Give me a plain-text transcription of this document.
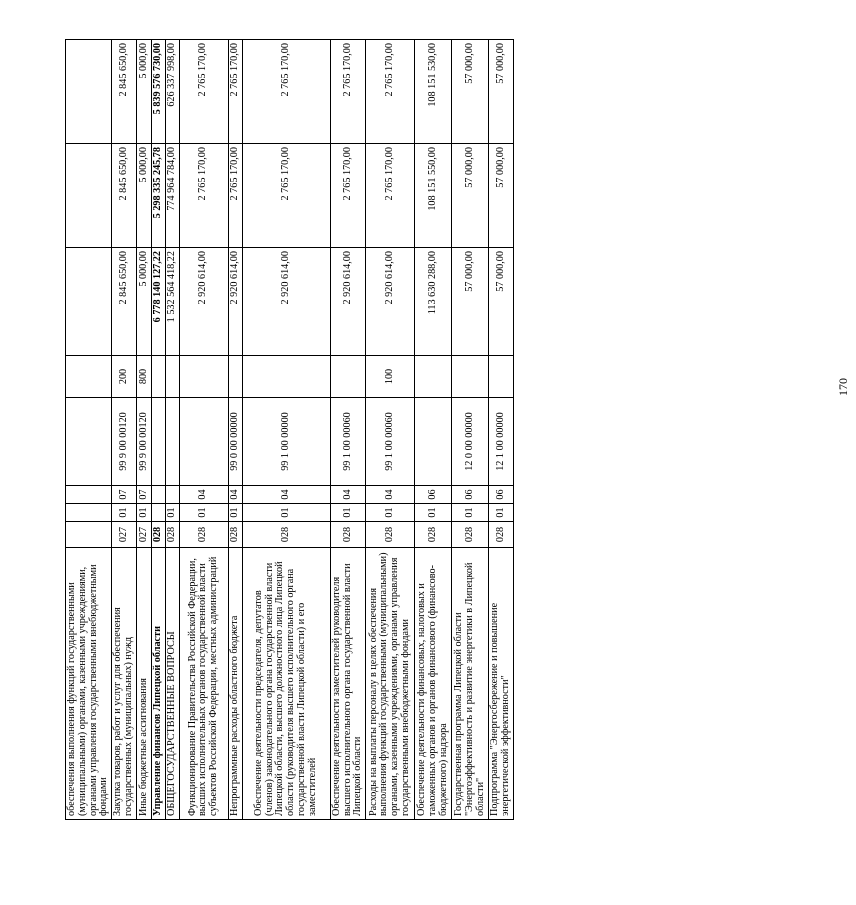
170
обеспечения выполнения функций государственными (муниципальными) органами, казенными учреждениями, органами управления государственными внебюджетными фондами								
Закупка товаров, работ и услуг для обеспечения государственных (муниципальных) нужд	027	01	07	99 9 00 00120	200	2 845 650,00	2 845 650,00	2 845 650,00
Иные бюджетные ассигнования	027	01	07	99 9 00 00120	800	5 000,00	5 000,00	5 000,00
Управление финансов Липецкой области	028					6 778 140 127,22	5 298 335 245,78	5 839 576 730,00
ОБЩЕГОСУДАРСТВЕННЫЕ ВОПРОСЫ	028	01				1 532 564 418,22	774 964 784,00	626 337 998,00
Функционирование Правительства Российской Федерации, высших исполнительных органов государственной власти субъектов Российской Федерации, местных администраций	028	01	04			2 920 614,00	2 765 170,00	2 765 170,00
Непрограммные расходы областного бюджета	028	01	04	99 0 00 00000		2 920 614,00	2 765 170,00	2 765 170,00
Обеспечение деятельности председателя, депутатов (членов) законодательного органа государственной власти Липецкой области, высшего должностного лица Липецкой области (руководителя высшего исполнительного органа государственной власти Липецкой области) и его заместителей	028	01	04	99 1 00 00000		2 920 614,00	2 765 170,00	2 765 170,00
Обеспечение деятельности заместителей руководителя высшего исполнительного органа государственной власти Липецкой области	028	01	04	99 1 00 00060		2 920 614,00	2 765 170,00	2 765 170,00
Расходы на выплаты персоналу в целях обеспечения выполнения функций государственными (муниципальными) органами, казенными учреждениями, органами управления государственными внебюджетными фондами	028	01	04	99 1 00 00060	100	2 920 614,00	2 765 170,00	2 765 170,00
Обеспечение деятельности финансовых, налоговых и таможенных органов и органов финансового (финансово-бюджетного) надзора	028	01	06			113 630 288,00	108 151 550,00	108 151 530,00
Государственная программа Липецкой области "Энергоэффективность и развитие энергетики в Липецкой области"	028	01	06	12 0 00 00000		57 000,00	57 000,00	57 000,00
Подпрограмма "Энергосбережение и повышение энергетической эффективности"	028	01	06	12 1 00 00000		57 000,00	57 000,00	57 000,00
